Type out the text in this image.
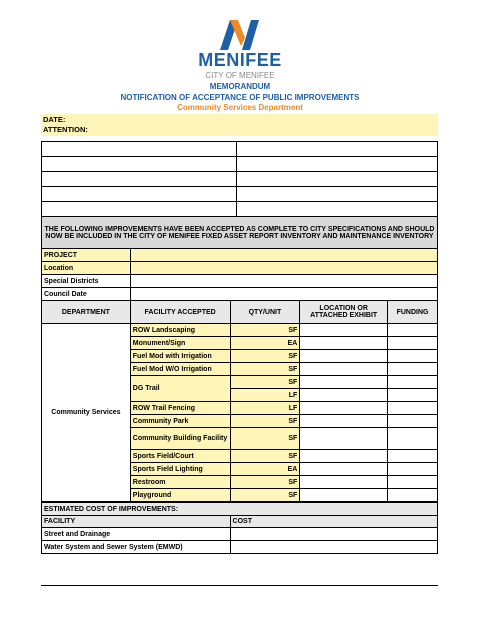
MENIFEE
CITY OF MENIFEE
MEMORANDUM
NOTIFICATION OF ACCEPTANCE OF PUBLIC IMPROVEMENTS
Community Services Department
DATE:
ATTENTION:

THE FOLLOWING IMPROVEMENTS HAVE BEEN ACCEPTED AS COMPLETE TO CITY SPECIFICATIONS AND SHOULD NOW BE INCLUDED IN THE CITY OF MENIFEE FIXED ASSET REPORT INVENTORY AND MAINTENANCE INVENTORY				
PROJECT				
Location				
Special Districts				
Council Date				
DEPARTMENT	FACILITY ACCEPTED	QTY/UNIT	LOCATION OR ATTACHED EXHIBIT	FUNDING
Community Services	ROW Landscaping	SF		
	Monument/Sign	EA		
	Fuel Mod with Irrigation	SF		
	Fuel Mod W/O Irrigation	SF		
	DG Trail	SF		
		LF		
	ROW Trail Fencing	LF		
	Community Park	SF		
	Community Building Facility	SF		
	Sports Field/Court	SF		
	Sports Field Lighting	EA		
	Restroom	SF		
	Playground	SF		
ESTIMATED COST OF IMPROVEMENTS:	
FACILITY	COST
Street and Drainage	
Water System and Sewer System (EMWD)	
